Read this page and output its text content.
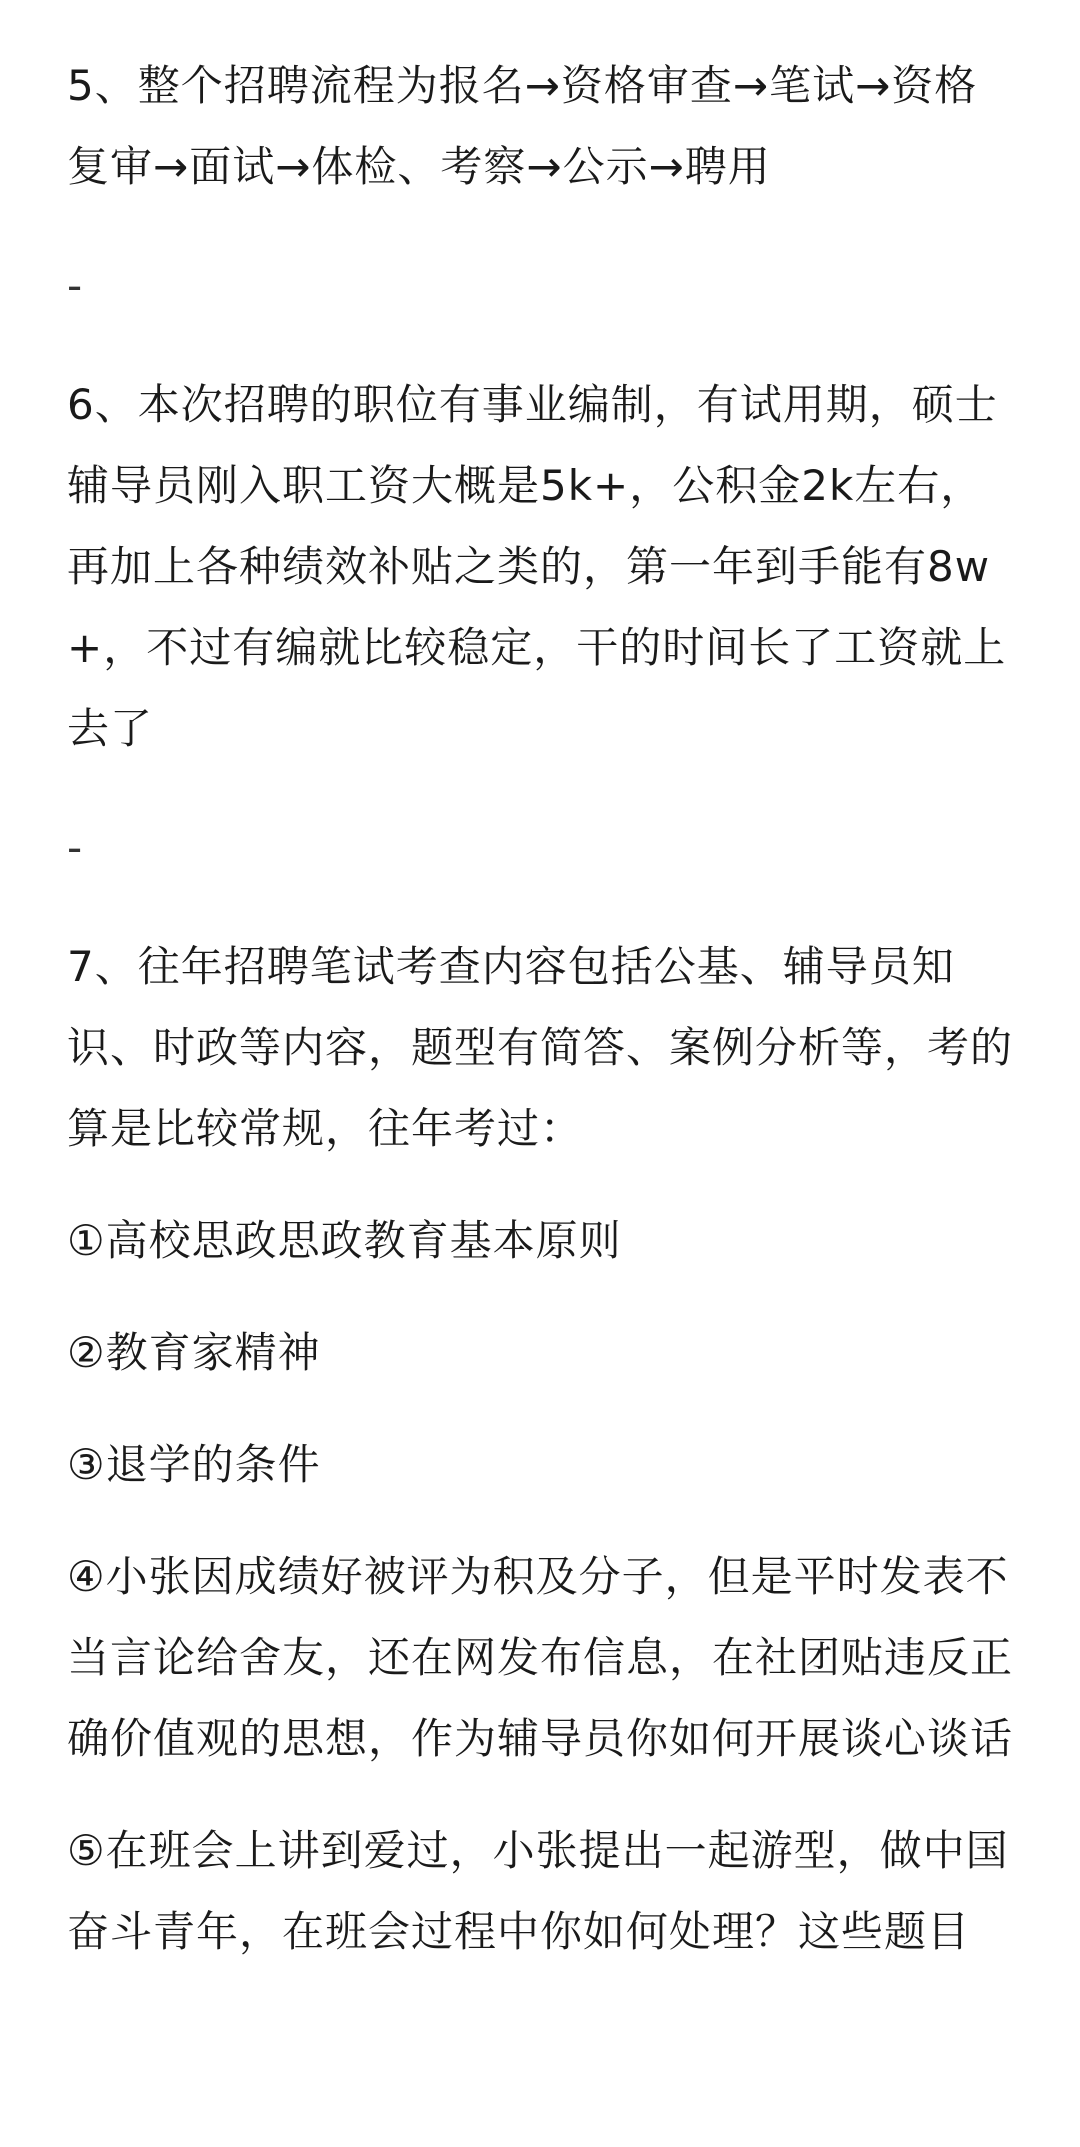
5、整个招聘流程为报名→资格审查→笔试→资格复审→面试→体检、考察→公示→聘用

-

6、本次招聘的职位有事业编制，有试用期，硕士辅导员刚入职工资大概是5k+，公积金2k左右，再加上各种绩效补贴之类的，第一年到手能有8w+，不过有编就比较稳定，干的时间长了工资就上去了

-

7、往年招聘笔试考查内容包括公基、辅导员知识、时政等内容，题型有简答、案例分析等，考的算是比较常规，往年考过：

①高校思政思政教育基本原则

②教育家精神

③退学的条件

④小张因成绩好被评为积及分子，但是平时发表不当言论给舍友，还在网发布信息，在社团贴违反正确价值观的思想，作为辅导员你如何开展谈心谈话

⑤在班会上讲到爱过，小张提出一起游型，做中国奋斗青年，在班会过程中你如何处理？这些题目
